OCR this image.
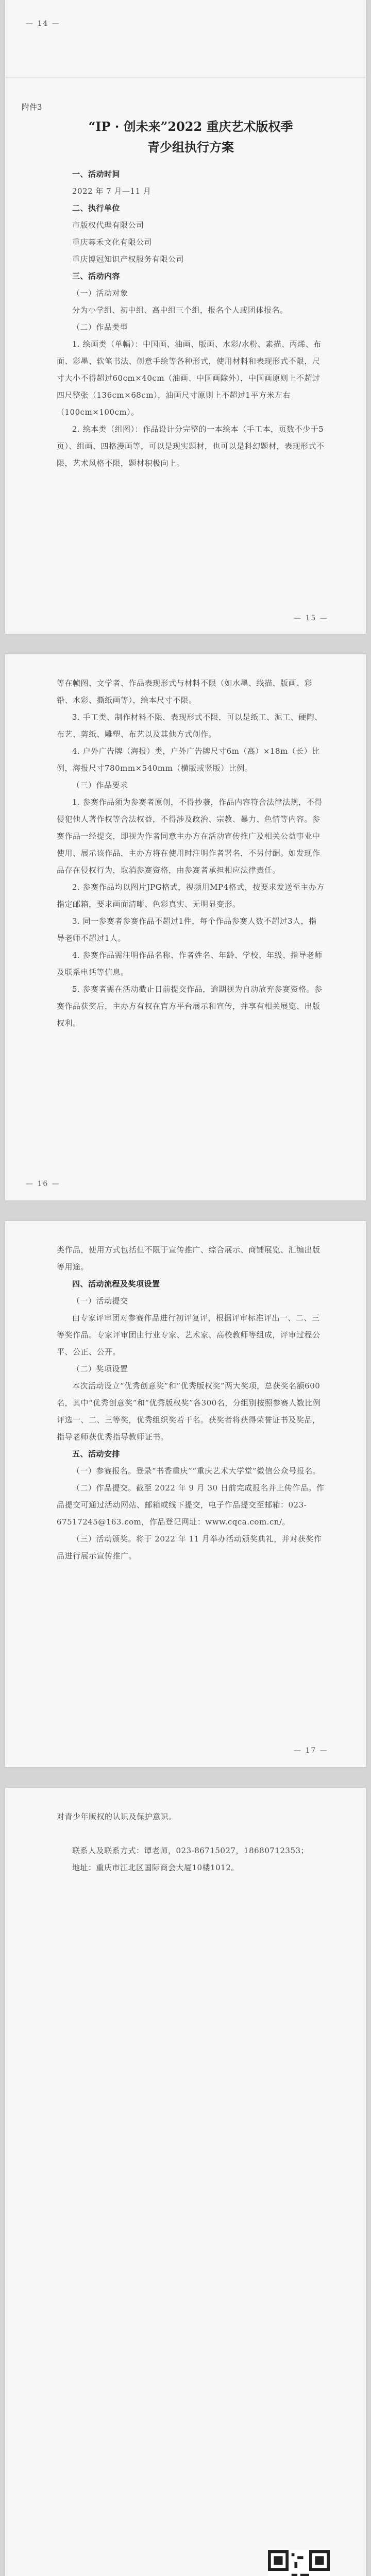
— 14 —
附件3
“IP · 创未来”2022 重庆艺术版权季
青少组执行方案
一、活动时间
2022 年 7 月—11 月
二、执行单位
市版权代理有限公司
重庆幕禾文化有限公司
重庆博冠知识产权服务有限公司
三、活动内容
（一）活动对象
分为小学组、初中组、高中组三个组，报名个人或团体报名。
（二）作品类型
1. 绘画类（单幅）：中国画、油画、版画、水彩/水粉、素描、丙烯、布面、彩墨、软笔书法、创意手绘等各种形式，使用材料和表现形式不限，尺寸大小不得超过60cm×40cm（油画、中国画除外），中国画原则上不超过四尺整张（136cm×68cm），油画尺寸原则上不超过1平方米左右（100cm×100cm）。
2. 绘本类（组图）：作品设计分完整的一本绘本（手工本，页数不少于5页）、组画、四格漫画等，可以是现实题材，也可以是科幻题材，表现形式不限，艺术风格不限，题材积极向上。
— 15 —
等在帧图、文学者、作品表现形式与材料不限（如水墨、线描、版画、彩铅、水彩、撕纸画等），绘本尺寸不限。
3. 手工类、制作材料不限，表现形式不限，可以是纸工、泥工、硬陶、布艺、剪纸、雕塑、布艺以及其他方式创作。
4. 户外广告牌（海报）类，户外广告牌尺寸6m（高）×18m（长）比例，海报尺寸780mm×540mm（横版或竖版）比例。
（三）作品要求
1. 参赛作品须为参赛者原创，不得抄袭，作品内容符合法律法规，不得侵犯他人著作权等合法权益，不得涉及政治、宗教、暴力、色情等内容。参赛作品一经提交，即视为作者同意主办方在活动宣传推广及相关公益事业中使用、展示该作品，主办方将在使用时注明作者署名，不另付酬。如发现作品存在侵权行为，取消参赛资格，由参赛者承担相应法律责任。
2. 参赛作品均以图片JPG格式，视频用MP4格式，按要求发送至主办方指定邮箱，要求画面清晰、色彩真实、无明显变形。
3. 同一参赛者参赛作品不超过1件，每个作品参赛人数不超过3人，指导老师不超过1人。
4. 参赛作品需注明作品名称、作者姓名、年龄、学校、年级、指导老师及联系电话等信息。
5. 参赛者需在活动截止日前提交作品，逾期视为自动放弃参赛资格。参赛作品获奖后，主办方有权在官方平台展示和宣传，并享有相关展览、出版权利。
— 16 —
类作品，使用方式包括但不限于宣传推广、综合展示、商铺展览、汇编出版等用途。
四、活动流程及奖项设置
（一）活动提交
由专家评审团对参赛作品进行初评复评，根据评审标准评出一、二、三等奖作品。专家评审团由行业专家、艺术家、高校教师等组成，评审过程公平、公正、公开。
（二）奖项设置
本次活动设立“优秀创意奖”和“优秀版权奖”两大奖项，总获奖名额600名，其中“优秀创意奖”和“优秀版权奖”各300名，分组别按照参赛人数比例评选一、二、三等奖，优秀组织奖若干名。获奖者将获得荣誉证书及奖品，指导老师获优秀指导教师证书。
五、活动安排
（一）参赛报名。登录“书香重庆”“重庆艺术大学堂”微信公众号报名。
（二）作品提交。截至 2022 年 9 月 30 日前完成报名并上传作品。作品提交可通过活动网站、邮箱或线下提交，电子作品提交至邮箱：023-67517245@163.com，作品登记网址：www.cqca.com.cn/。
（三）活动颁奖。将于 2022 年 11 月举办活动颁奖典礼，并对获奖作品进行展示宣传推广。
— 17 —
对青少年版权的认识及保护意识。
联系人及联系方式：谭老师，023-86715027，18680712353；
地址：重庆市江北区国际商会大厦10楼1012。
